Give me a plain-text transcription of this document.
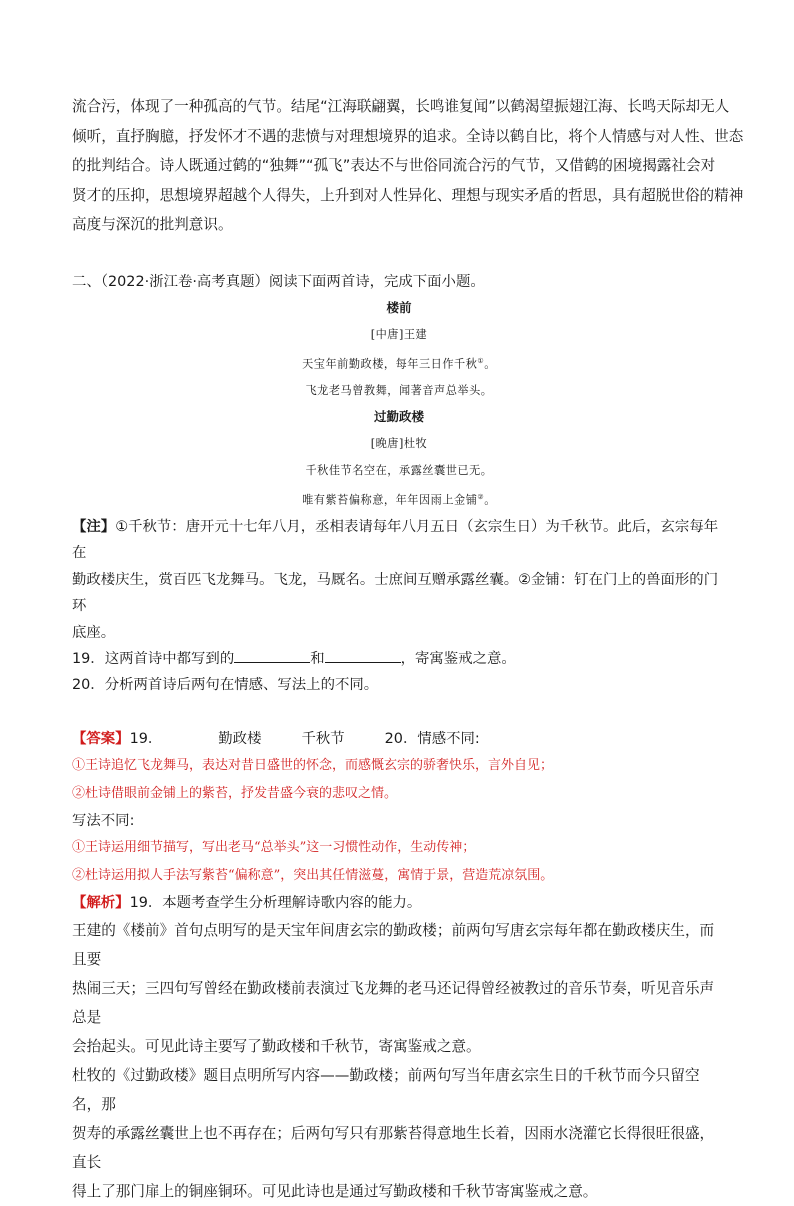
流合污，体现了一种孤高的气节。结尾“江海联翩翼，长鸣谁复闻”以鹤渴望振翅江海、长鸣天际却无人
倾听，直抒胸臆，抒发怀才不遇的悲愤与对理想境界的追求。全诗以鹤自比，将个人情感与对人性、世态
的批判结合。诗人既通过鹤的“独舞”“孤飞”表达不与世俗同流合污的气节，又借鹤的困境揭露社会对
贤才的压抑，思想境界超越个人得失，上升到对人性异化、理想与现实矛盾的哲思，具有超脱世俗的精神
高度与深沉的批判意识。
二、（2022·浙江卷·高考真题）阅读下面两首诗，完成下面小题。
楼前
[中唐]王建
天宝年前勤政楼，每年三日作千秋①。
飞龙老马曾教舞，闻著音声总举头。
过勤政楼
[晚唐]杜牧
千秋佳节名空在，承露丝囊世已无。
唯有紫苔偏称意，年年因雨上金铺②。
【注】①千秋节：唐开元十七年八月，丞相表请每年八月五日（玄宗生日）为千秋节。此后，玄宗每年在
勤政楼庆生，赏百匹飞龙舞马。飞龙，马厩名。士庶间互赠承露丝囊。②金铺：钉在门上的兽面形的门环
底座。
19．这两首诗中都写到的	和	，寄寓鉴戒之意。
20．分析两首诗后两句在情感、写法上的不同。
【答案】19．	勤政楼	千秋节	20．情感不同:
①王诗追忆飞龙舞马，表达对昔日盛世的怀念，而感慨玄宗的骄奢快乐，言外自见；
②杜诗借眼前金铺上的紫苔，抒发昔盛今衰的悲叹之情。
写法不同:
①王诗运用细节描写，写出老马“总举头”这一习惯性动作，生动传神；
②杜诗运用拟人手法写紫苔“偏称意”，突出其任情滋蔓，寓情于景，营造荒凉氛围。
【解析】19．本题考查学生分析理解诗歌内容的能力。
王建的《楼前》首句点明写的是天宝年间唐玄宗的勤政楼；前两句写唐玄宗每年都在勤政楼庆生，而且要
热闹三天；三四句写曾经在勤政楼前表演过飞龙舞的老马还记得曾经被教过的音乐节奏，听见音乐声总是
会抬起头。可见此诗主要写了勤政楼和千秋节，寄寓鉴戒之意。
杜牧的《过勤政楼》题目点明所写内容——勤政楼；前两句写当年唐玄宗生日的千秋节而今只留空名，那
贺寿的承露丝囊世上也不再存在；后两句写只有那紫苔得意地生长着，因雨水浇灌它长得很旺很盛，直长
得上了那门扉上的铜座铜环。可见此诗也是通过写勤政楼和千秋节寄寓鉴戒之意。
